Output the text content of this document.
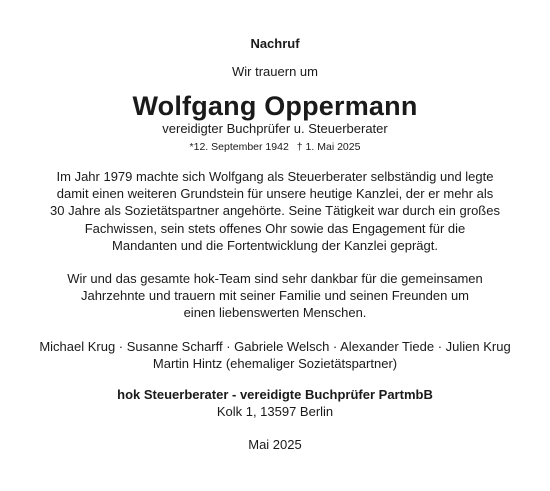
Nachruf
Wir trauern um
Wolfgang Oppermann
vereidigter Buchprüfer u. Steuerberater
*12. September 1942 † 1. Mai 2025

Im Jahr 1979 machte sich Wolfgang als Steuerberater selbständig und legte

damit einen weiteren Grundstein für unsere heutige Kanzlei, der er mehr als

30 Jahre als Sozietätspartner angehörte. Seine Tätigkeit war durch ein großes

Fachwissen, sein stets offenes Ohr sowie das Engagement für die

Mandanten und die Fortentwicklung der Kanzlei geprägt.

Wir und das gesamte hok-Team sind sehr dankbar für die gemeinsamen

Jahrzehnte und trauern mit seiner Familie und seinen Freunden um

einen liebenswerten Menschen.

Michael Krug · Susanne Scharff · Gabriele Welsch · Alexander Tiede · Julien Krug

Martin Hintz (ehemaliger Sozietätspartner)

hok Steuerberater - vereidigte Buchprüfer PartmbB
Kolk 1, 13597 Berlin
Mai 2025
